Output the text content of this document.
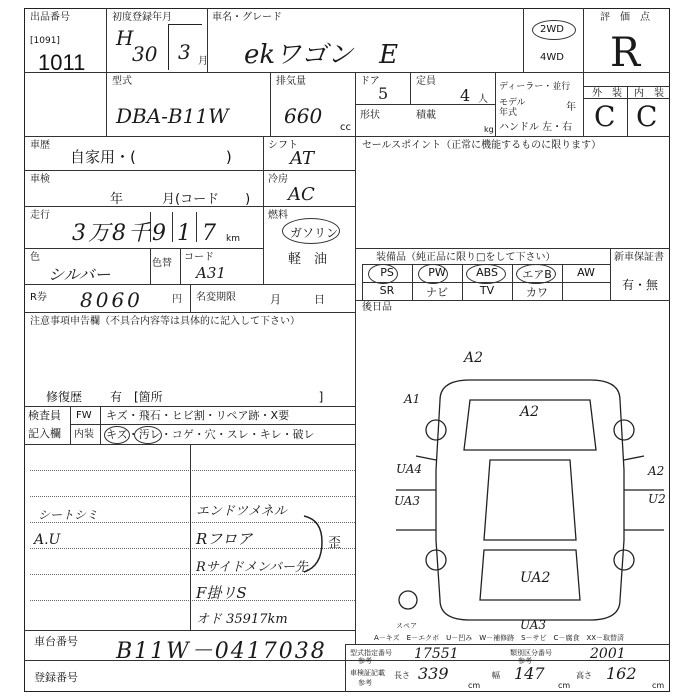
出品番号
[1091]
1011
初度登録年月
H
30 3 月
車名・グレード
ekワゴン　E
2WD
4WD
評　価　点
R
型式
DBA-B11W
排気量
660 cc
ドア
5
定員
4 人
形状	積載
kg
ディーラー・並行
モデル年式	年
ハンドル 左・右
外　装 内　装
C C
車歴
自家用・(　　　　　　)
シフト
AT
車検
年　　　月(コード　　)
冷房
AC
走行
3万8千9 1 7 km
燃料
ガソリン
軽　油
色
シルバー
色替
コード
A31
R券 8060	円 名変期限	月　　　日
注意事項申告欄（不具合内容等は具体的に記入して下さい）
修復歴 有　[箇所　　　　　　　　　　　　　]
セールスポイント（正常に機能するものに限ります）
装備品（純正品に限り□をして下さい）	新車保証書
有・無
PS	PW	ABS	エアB	AW
SR	ナビ	TV	カワ
後日品
検査員
記入欄
FW キズ・飛石・ヒビ割・リペア跡・X要
内装 キズ・汚レ・コゲ・穴・スレ・キレ・破レ
シートシミ
A.U
エンドツメネル
Rフロア
Rサイドメンバー先
F掛リS
オド 35917km
歪
スペア
A2
A1
A2
UA4
UA3
A2
U2
UA2
UA3
A－キズ　E－エクボ　U－凹み　W－補修跡　S－サビ　C－腐食　XX－取替済
車台番号 B11W－0417038
登録番号
型式指定番号
参考	17551	類別区分番号
参考	2001
車検証記載
参考
長さ 339
cm
幅 147
cm
高さ 162
cm
